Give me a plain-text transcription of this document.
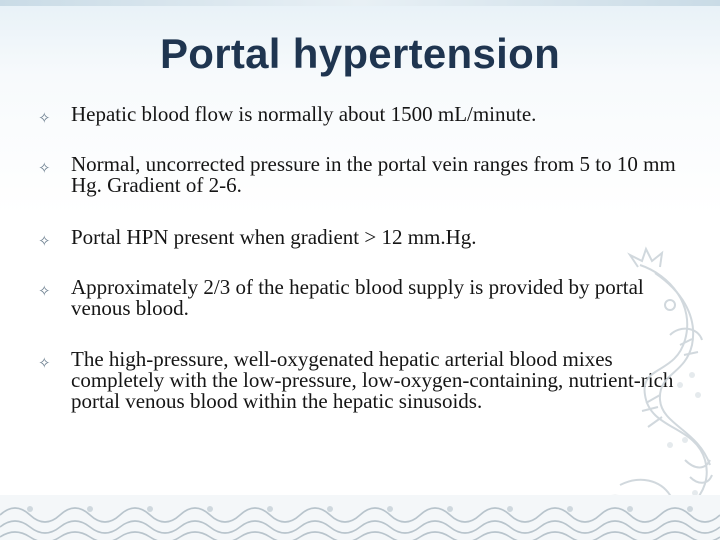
Portal hypertension
✧ Hepatic blood flow is normally about 1500 mL/minute.
✧ Normal, uncorrected pressure in the portal vein ranges from 5 to 10 mm Hg. Gradient of 2-6.
✧ Portal HPN present when gradient > 12 mm.Hg.
✧ Approximately 2/3 of the hepatic blood supply is provided by portal venous blood.
✧ The high-pressure, well-oxygenated hepatic arterial blood mixes completely with the low-pressure, low-oxygen-containing, nutrient-rich portal venous blood within the hepatic sinusoids.
